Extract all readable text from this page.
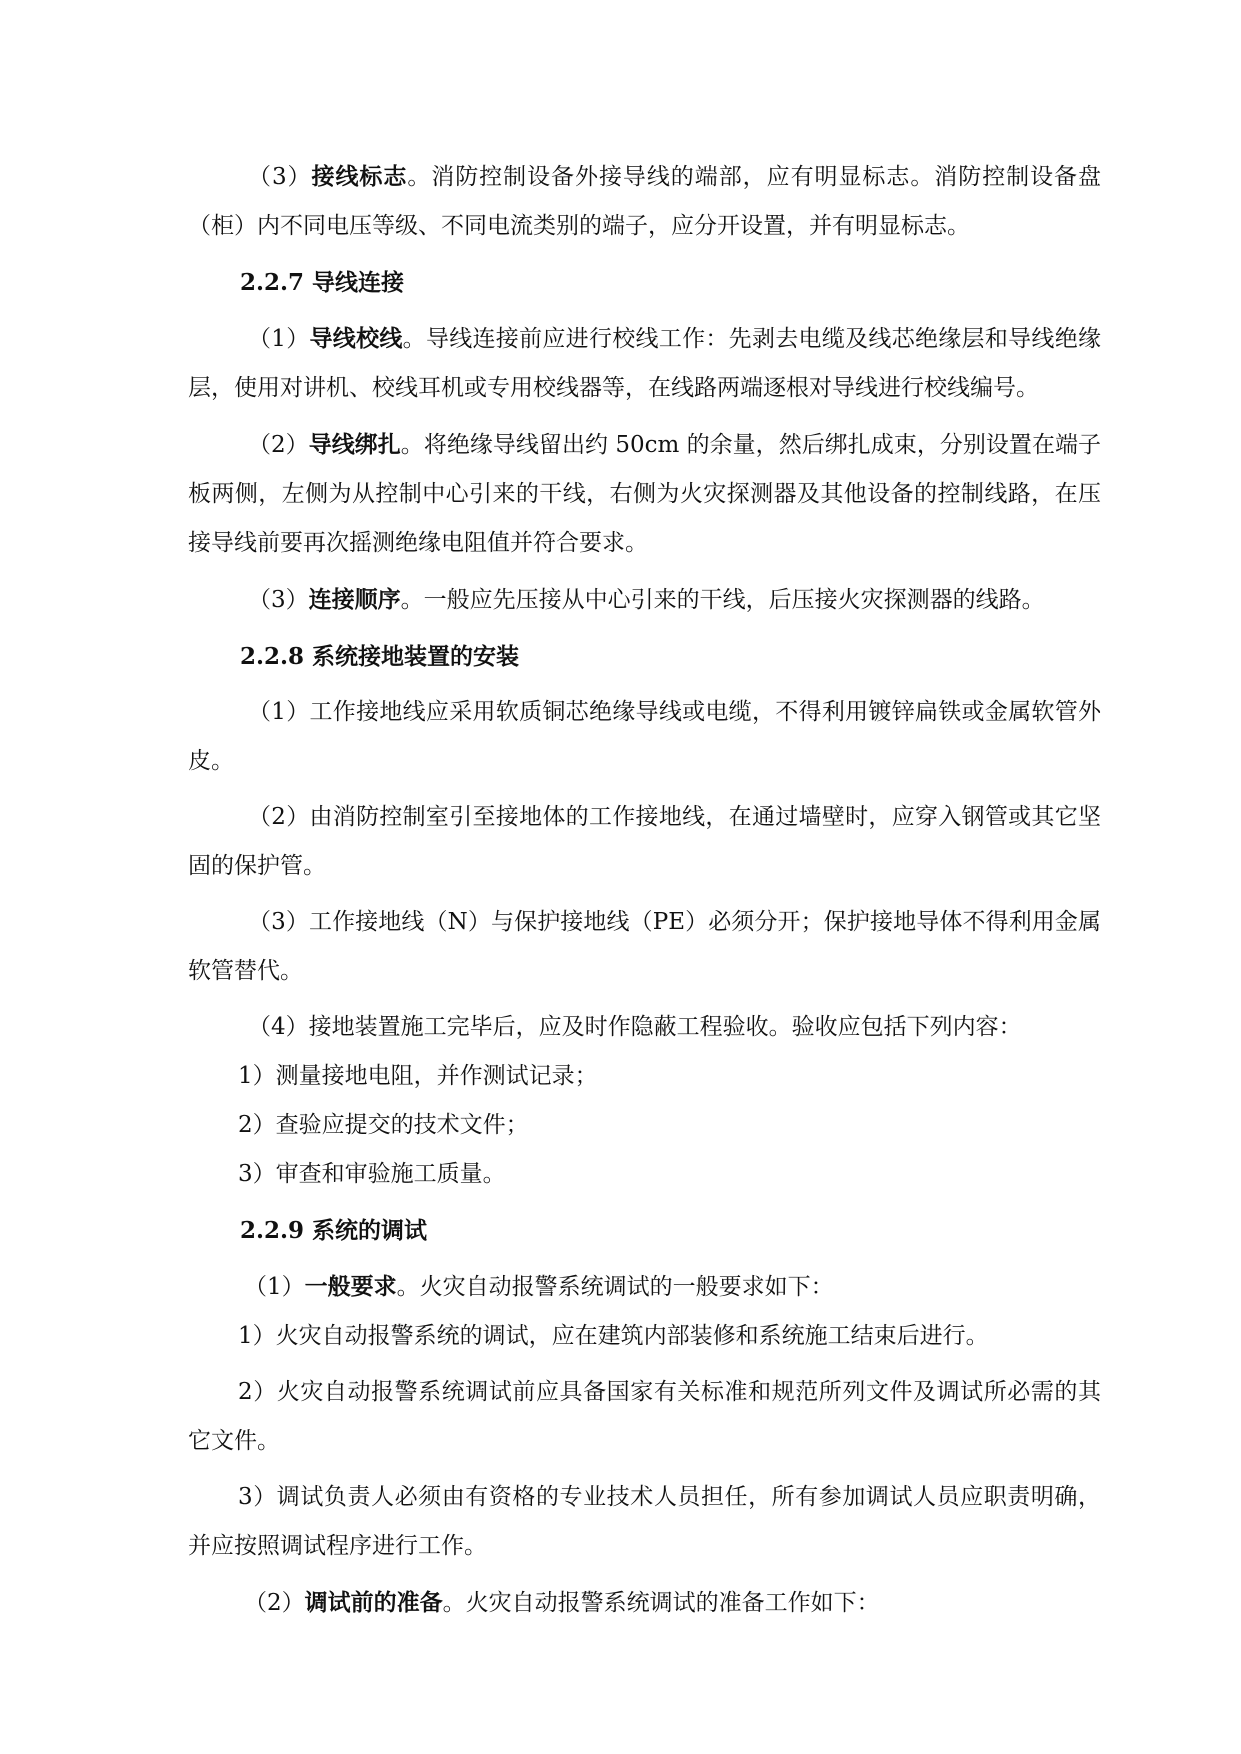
（3）接线标志。消防控制设备外接导线的端部，应有明显标志。消防控制设备盘（柜）内不同电压等级、不同电流类别的端子，应分开设置，并有明显标志。

2.2.7 导线连接

（1）导线校线。导线连接前应进行校线工作：先剥去电缆及线芯绝缘层和导线绝缘层，使用对讲机、校线耳机或专用校线器等，在线路两端逐根对导线进行校线编号。

（2）导线绑扎。将绝缘导线留出约 50cm 的余量，然后绑扎成束，分别设置在端子板两侧，左侧为从控制中心引来的干线，右侧为火灾探测器及其他设备的控制线路，在压接导线前要再次摇测绝缘电阻值并符合要求。

（3）连接顺序。一般应先压接从中心引来的干线，后压接火灾探测器的线路。

2.2.8 系统接地装置的安装

（1）工作接地线应采用软质铜芯绝缘导线或电缆，不得利用镀锌扁铁或金属软管外皮。

（2）由消防控制室引至接地体的工作接地线，在通过墙壁时，应穿入钢管或其它坚固的保护管。

（3）工作接地线（N）与保护接地线（PE）必须分开；保护接地导体不得利用金属软管替代。

（4）接地装置施工完毕后，应及时作隐蔽工程验收。验收应包括下列内容：

1）测量接地电阻，并作测试记录；

2）查验应提交的技术文件；

3）审查和审验施工质量。

2.2.9 系统的调试

（1）一般要求。火灾自动报警系统调试的一般要求如下：

1）火灾自动报警系统的调试，应在建筑内部装修和系统施工结束后进行。

2）火灾自动报警系统调试前应具备国家有关标准和规范所列文件及调试所必需的其它文件。

3）调试负责人必须由有资格的专业技术人员担任，所有参加调试人员应职责明确，并应按照调试程序进行工作。

（2）调试前的准备。火灾自动报警系统调试的准备工作如下：
